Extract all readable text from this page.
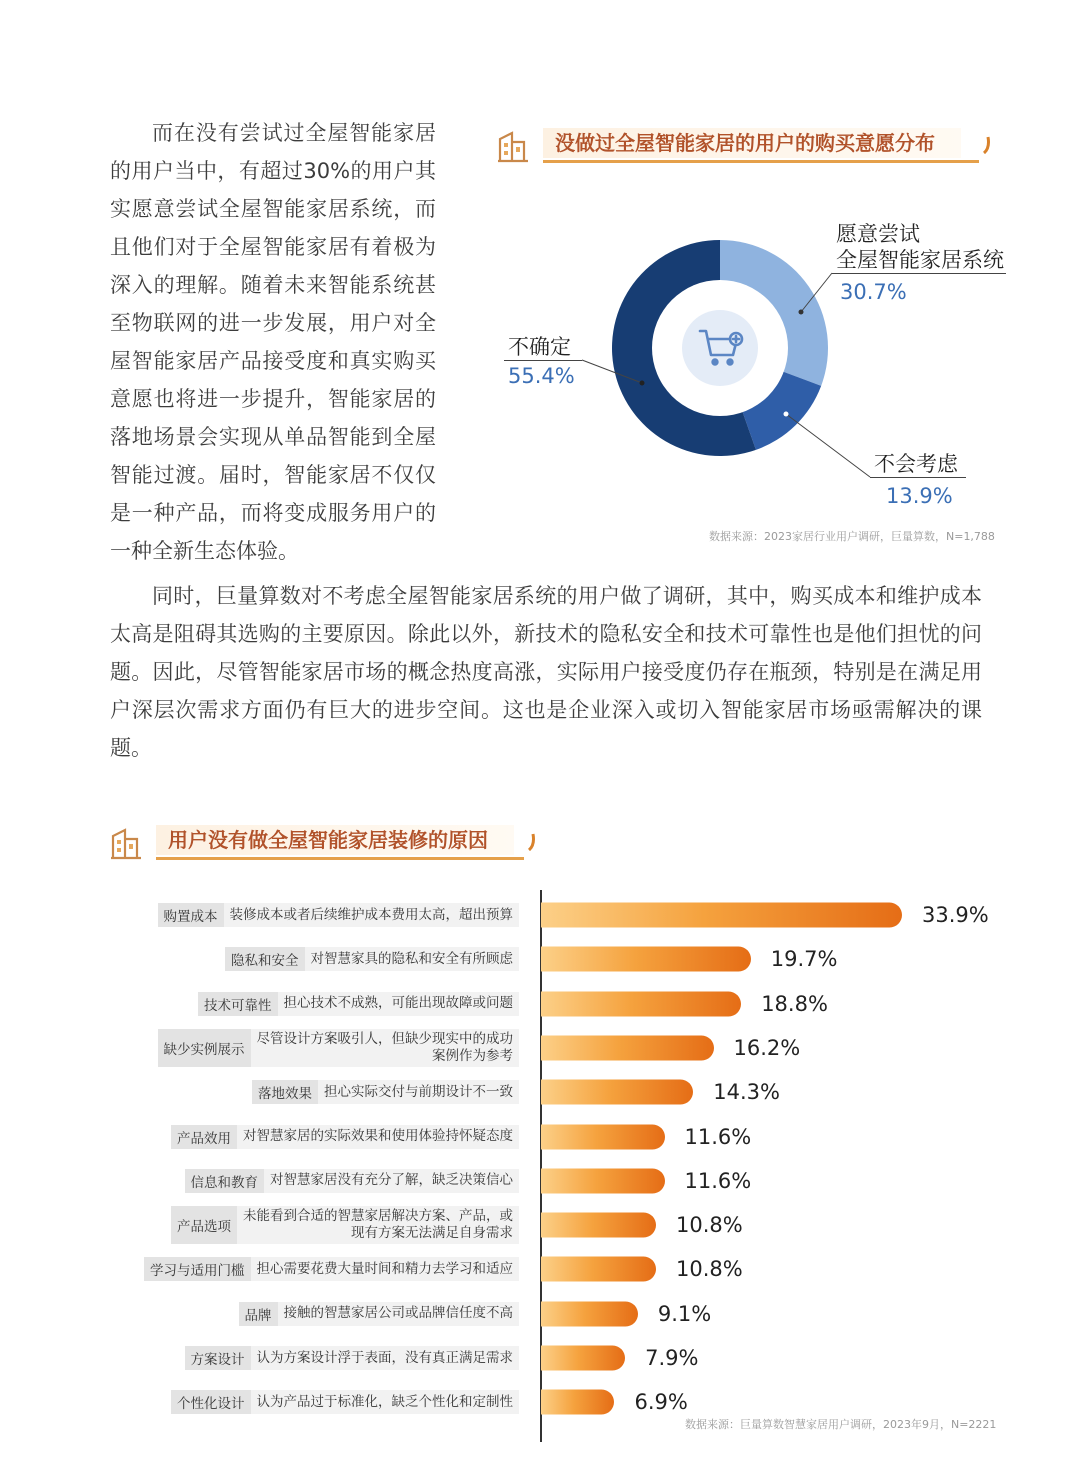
而在没有尝试过全屋智能家居的用户当中，有超过30%的用户其实愿意尝试全屋智能家居系统，而且他们对于全屋智能家居有着极为深入的理解。随着未来智能系统甚至物联网的进一步发展，用户对全屋智能家居产品接受度和真实购买意愿也将进一步提升，智能家居的落地场景会实现从单品智能到全屋智能过渡。届时，智能家居不仅仅是一种产品，而将变成服务用户的一种全新生态体验。

没做过全屋智能家居的用户的购买意愿分布
愿意尝试
全屋智能家居系统
30.7%
不确定
55.4%
不会考虑
13.9%
数据来源：2023家居行业用户调研，巨量算数，N=1,788

同时，巨量算数对不考虑全屋智能家居系统的用户做了调研，其中，购买成本和维护成本太高是阻碍其选购的主要原因。除此以外，新技术的隐私安全和技术可靠性也是他们担忧的问题。因此，尽管智能家居市场的概念热度高涨，实际用户接受度仍存在瓶颈，特别是在满足用户深层次需求方面仍有巨大的进步空间。这也是企业深入或切入智能家居市场亟需解决的课题。

用户没有做全屋智能家居装修的原因
购置成本 装修成本或者后续维护成本费用太高，超出预算	33.9%
隐私和安全 对智慧家具的隐私和安全有所顾虑	19.7%
技术可靠性 担心技术不成熟，可能出现故障或问题	18.8%
缺少实例展示
尽管设计方案吸引人，但缺少现实中的成功
案例作为参考	16.2%
落地效果 担心实际交付与前期设计不一致	14.3%
产品效用 对智慧家居的实际效果和使用体验持怀疑态度	11.6%
信息和教育 对智慧家居没有充分了解，缺乏决策信心	11.6%
产品选项
未能看到合适的智慧家居解决方案、产品，或
现有方案无法满足自身需求	10.8%
学习与适用门槛 担心需要花费大量时间和精力去学习和适应	10.8%
品牌 接触的智慧家居公司或品牌信任度不高	9.1%
方案设计 认为方案设计浮于表面，没有真正满足需求	7.9%
个性化设计 认为产品过于标准化，缺乏个性化和定制性	6.9%
数据来源：巨量算数智慧家居用户调研，2023年9月，N=2221
